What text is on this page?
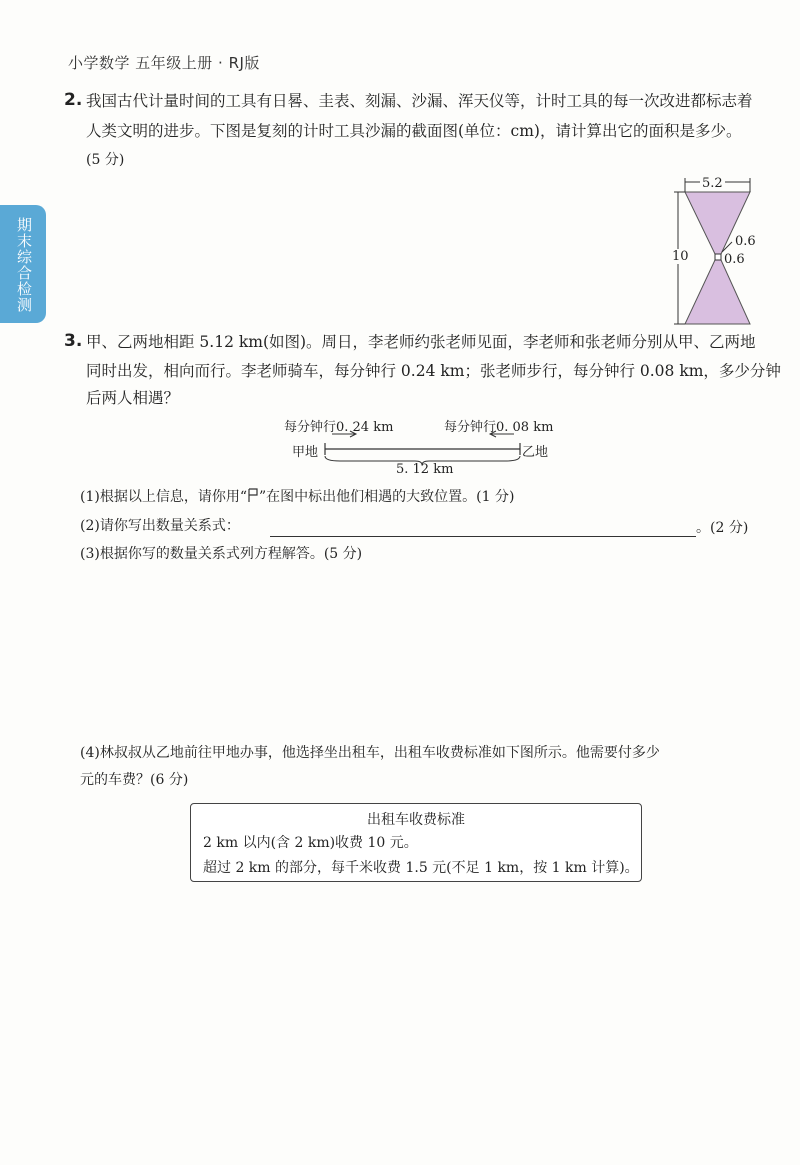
小学数学 五年级上册 · RJ版
期末综合检测
2. 我国古代计量时间的工具有日晷、圭表、刻漏、沙漏、浑天仪等，计时工具的每一次改进都标志着
人类文明的进步。下图是复刻的计时工具沙漏的截面图(单位：cm)，请计算出它的面积是多少。
(5 分)
5.2
10
0.6
0.6
3. 甲、乙两地相距 5.12 km(如图)。周日，李老师约张老师见面，李老师和张老师分别从甲、乙两地
同时出发，相向而行。李老师骑车，每分钟行 0.24 km；张老师步行，每分钟行 0.08 km，多少分钟
后两人相遇？
每分钟行0. 24 km	每分钟行0. 08 km
甲地	乙地
5. 12 km
(1)根据以上信息，请你用“ ”在图中标出他们相遇的大致位置。(1 分)
(2)请你写出数量关系式：	。(2 分)
(3)根据你写的数量关系式列方程解答。(5 分)
(4)林叔叔从乙地前往甲地办事，他选择坐出租车，出租车收费标准如下图所示。他需要付多少
元的车费？(6 分)
出租车收费标准
2 km 以内(含 2 km)收费 10 元。
超过 2 km 的部分，每千米收费 1.5 元(不足 1 km，按 1 km 计算)。
